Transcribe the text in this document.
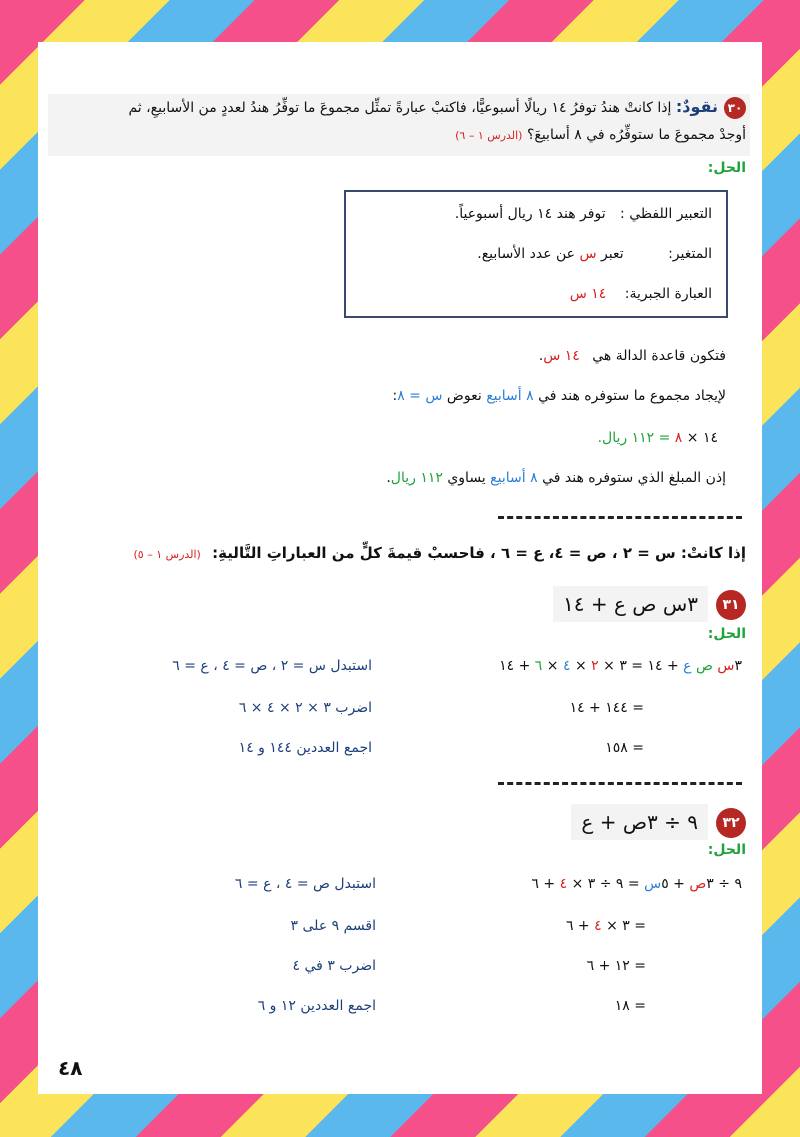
٣٠
نقودٌ: إذا كانتْ هندُ توفرُ ١٤ ريالًا أسبوعيًّا، فاكتبْ عبارةً تمثِّل مجموعَ ما توفِّرُ هندُ لعددٍ من الأسابيعِ، ثم
أوجدْ مجموعَ ما ستوفِّرُه في ٨ أسابيعَ؟ (الدرس ١ – ٦)
الحل:
التعبير اللفظي : توفر هند ١٤ ريال أسبوعياً.
المتغير: تعبر س عن عدد الأسابيع.
العبارة الجبرية: ١٤ س
فتكون قاعدة الدالة هي ١٤ س.
لإيجاد مجموع ما ستوفره هند في ٨ أسابيع نعوض س = ٨:
١٤ × ٨ = ١١٢ ريال.
إذن المبلغ الذي ستوفره هند في ٨ أسابيع يساوي ١١٢ ريال.
إذا كانتْ: س = ٢ ، ص = ٤، ع = ٦ ، فاحسبْ قيمةَ كلٍّ من العباراتِ التَّاليةِ: (الدرس ١ – ٥)
٣١
٣س ص ع + ١٤
الحل:
٣س ص ع + ١٤ = ٣ × ٢ × ٤ × ٦ + ١٤
= ١٤٤ + ١٤
= ١٥٨
استبدل س = ٢ ، ص = ٤ ، ع = ٦
اضرب ٣ × ٢ × ٤ × ٦
اجمع العددين ١٤٤ و ١٤
٣٢
٩ ÷ ٣ص + ع
الحل:
٩ ÷ ٣ص + ٥س = ٩ ÷ ٣ × ٤ + ٦
= ٣ × ٤ + ٦
= ١٢ + ٦
= ١٨
استبدل ص = ٤ ، ع = ٦
اقسم ٩ على ٣
اضرب ٣ في ٤
اجمع العددين ١٢ و ٦
٤٨
